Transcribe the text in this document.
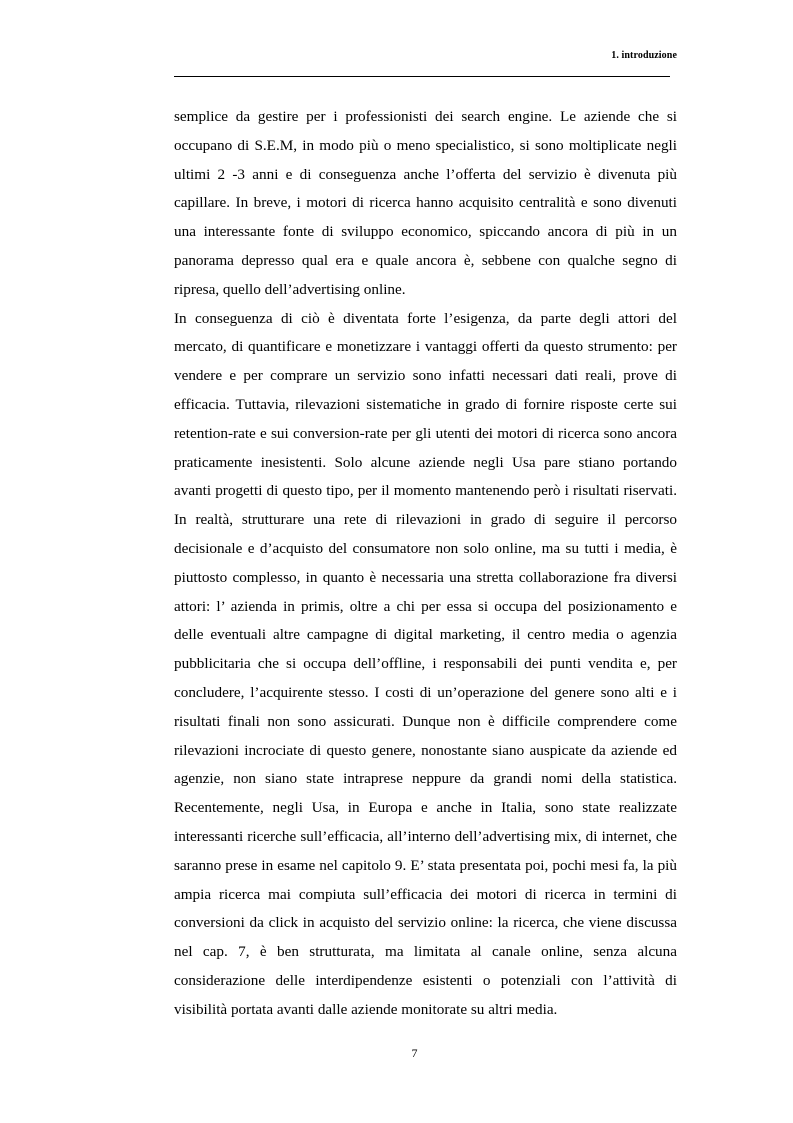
1. introduzione

semplice da gestire per i professionisti dei search engine. Le aziende che si occupano di S.E.M, in modo più o meno specialistico, si sono moltiplicate negli ultimi 2 -3 anni e di conseguenza anche l’offerta del servizio è divenuta più capillare. In breve, i motori di ricerca hanno acquisito centralità e sono divenuti una interessante fonte di sviluppo economico, spiccando ancora di più in un panorama depresso qual era e quale ancora è, sebbene con qualche segno di ripresa, quello dell’advertising online.

In conseguenza di ciò è diventata forte l’esigenza, da parte degli attori del mercato, di quantificare e monetizzare i vantaggi offerti da questo strumento: per vendere e per comprare un servizio sono infatti necessari dati reali, prove di efficacia. Tuttavia, rilevazioni sistematiche in grado di fornire risposte certe sui retention-rate e sui conversion-rate per gli utenti dei motori di ricerca sono ancora praticamente inesistenti. Solo alcune aziende negli Usa pare stiano portando avanti progetti di questo tipo, per il momento mantenendo però i risultati riservati. In realtà, strutturare una rete di rilevazioni in grado di seguire il percorso decisionale e d’acquisto del consumatore non solo online, ma su tutti i media, è piuttosto complesso, in quanto è necessaria una stretta collaborazione fra diversi attori: l’ azienda in primis, oltre a chi per essa si occupa del posizionamento e delle eventuali altre campagne di digital marketing, il centro media o agenzia pubblicitaria che si occupa dell’offline, i responsabili dei punti vendita e, per concludere, l’acquirente stesso. I costi di un’operazione del genere sono alti e i risultati finali non sono assicurati. Dunque non è difficile comprendere come rilevazioni incrociate di questo genere, nonostante siano auspicate da aziende ed agenzie, non siano state intraprese neppure da grandi nomi della statistica. Recentemente, negli Usa, in Europa e anche in Italia, sono state realizzate interessanti ricerche sull’efficacia, all’interno dell’advertising mix, di internet, che saranno prese in esame nel capitolo 9. E’ stata presentata poi, pochi mesi fa, la più ampia ricerca mai compiuta sull’efficacia dei motori di ricerca in termini di conversioni da click in acquisto del servizio online: la ricerca, che viene discussa nel cap. 7, è ben strutturata, ma limitata al canale online, senza alcuna considerazione delle interdipendenze esistenti o potenziali con l’attività di visibilità portata avanti dalle aziende monitorate su altri media.

7
